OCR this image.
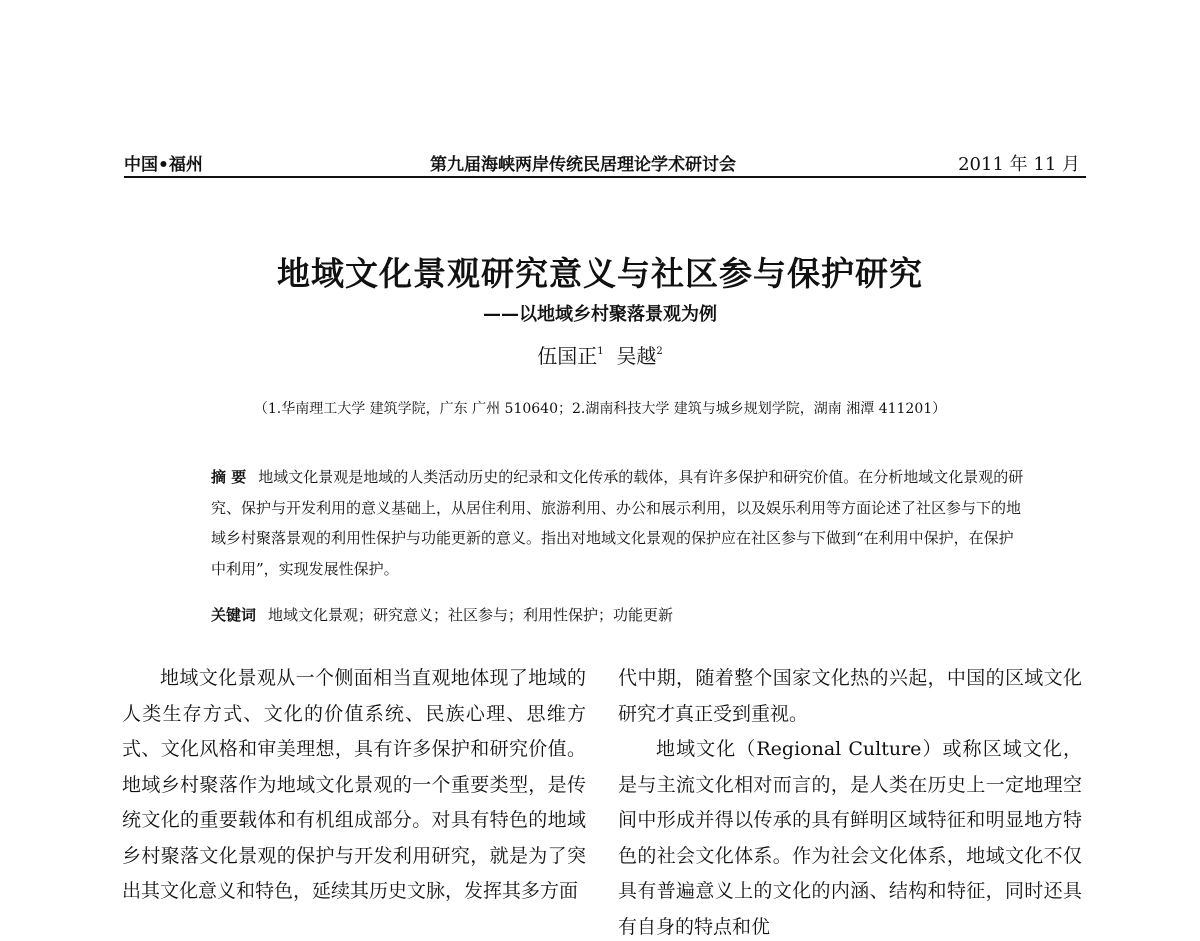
中国•福州	第九届海峡两岸传统民居理论学术研讨会	2011 年 11 月
地域文化景观研究意义与社区参与保护研究
——以地域乡村聚落景观为例
伍国正$^1$ 吴越$^2$
（1.华南理工大学 建筑学院，广东 广州 510640；2.湖南科技大学 建筑与城乡规划学院，湖南 湘潭 411201）
摘 要 地域文化景观是地域的人类活动历史的纪录和文化传承的载体，具有许多保护和研究价值。在分析地域文化景观的研究、保护与开发利用的意义基础上，从居住利用、旅游利用、办公和展示利用，以及娱乐利用等方面论述了社区参与下的地域乡村聚落景观的利用性保护与功能更新的意义。指出对地域文化景观的保护应在社区参与下做到“在利用中保护，在保护中利用”，实现发展性保护。
关键词 地域文化景观；研究意义；社区参与；利用性保护；功能更新

地域文化景观从一个侧面相当直观地体现了地域的人类生存方式、文化的价值系统、民族心理、思维方式、文化风格和审美理想，具有许多保护和研究价值。地域乡村聚落作为地域文化景观的一个重要类型，是传统文化的重要载体和有机组成部分。对具有特色的地域乡村聚落文化景观的保护与开发利用研究，就是为了突出其文化意义和特色，延续其历史文脉，发挥其多方面

代中期，随着整个国家文化热的兴起，中国的区域文化研究才真正受到重视。

地域文化（Regional Culture）或称区域文化，是与主流文化相对而言的，是人类在历史上一定地理空间中形成并得以传承的具有鲜明区域特征和明显地方特色的社会文化体系。作为社会文化体系，地域文化不仅具有普遍意义上的文化的内涵、结构和特征，同时还具有自身的特点和优
